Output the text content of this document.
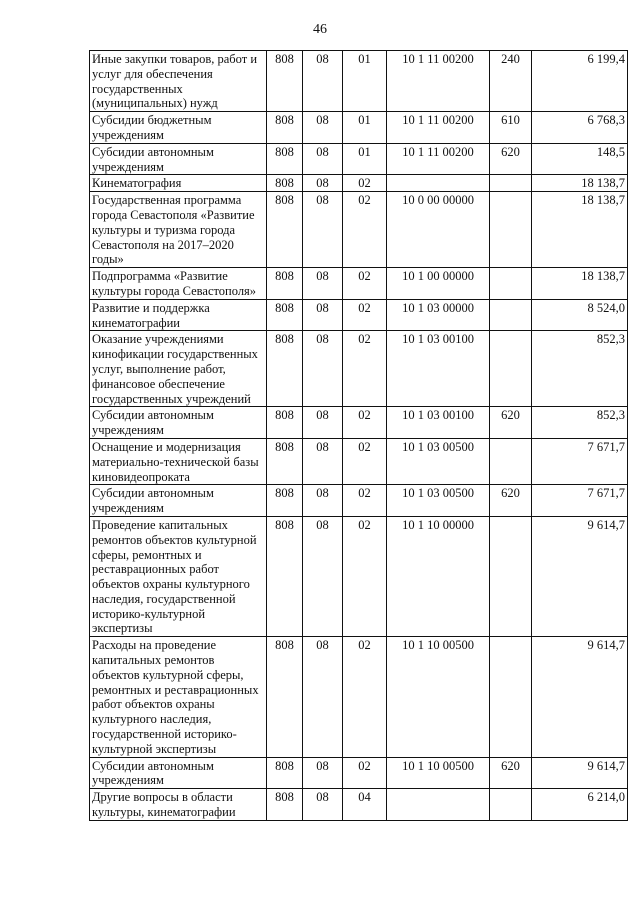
46
Иные закупки товаров, работ и услуг для обеспечения государственных (муниципальных) нужд	808	08	01	10 1 11 00200	240	6 199,4
Субсидии бюджетным учреждениям	808	08	01	10 1 11 00200	610	6 768,3
Субсидии автономным учреждениям	808	08	01	10 1 11 00200	620	148,5
Кинематография	808	08	02			18 138,7
Государственная программа города Севастополя «Развитие культуры и туризма города Севастополя на 2017–2020 годы»	808	08	02	10 0 00 00000		18 138,7
Подпрограмма «Развитие культуры города Севастополя»	808	08	02	10 1 00 00000		18 138,7
Развитие и поддержка кинематографии	808	08	02	10 1 03 00000		8 524,0
Оказание учреждениями кинофикации государственных услуг, выполнение работ, финансовое обеспечение государственных учреждений	808	08	02	10 1 03 00100		852,3
Субсидии автономным учреждениям	808	08	02	10 1 03 00100	620	852,3
Оснащение и модернизация материально-технической базы киновидеопроката	808	08	02	10 1 03 00500		7 671,7
Субсидии автономным учреждениям	808	08	02	10 1 03 00500	620	7 671,7
Проведение капитальных ремонтов объектов культурной сферы, ремонтных и реставрационных работ объектов охраны культурного наследия, государственной историко-культурной экспертизы	808	08	02	10 1 10 00000		9 614,7
Расходы на проведение капитальных ремонтов объектов культурной сферы, ремонтных и реставрационных работ объектов охраны культурного наследия, государственной историко-культурной экспертизы	808	08	02	10 1 10 00500		9 614,7
Субсидии автономным учреждениям	808	08	02	10 1 10 00500	620	9 614,7
Другие вопросы в области культуры, кинематографии	808	08	04			6 214,0
